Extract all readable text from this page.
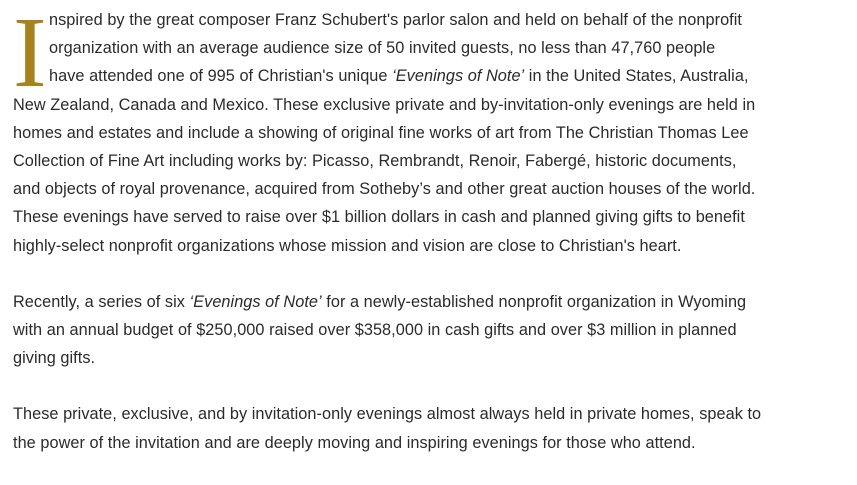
I nspired by the great composer Franz Schubert's parlor salon and held on behalf of the nonprofit
organization with an average audience size of 50 invited guests, no less than 47,760 people
have attended one of 995 of Christian's unique ‘Evenings of Note’ in the United States, Australia,
New Zealand, Canada and Mexico. These exclusive private and by-invitation-only evenings are held in
homes and estates and include a showing of original fine works of art from The Christian Thomas Lee
Collection of Fine Art including works by: Picasso, Rembrandt, Renoir, Fabergé, historic documents,
and objects of royal provenance, acquired from Sotheby’s and other great auction houses of the world.
These evenings have served to raise over $1 billion dollars in cash and planned giving gifts to benefit
highly-select nonprofit organizations whose mission and vision are close to Christian's heart.
Recently, a series of six ‘Evenings of Note’ for a newly-established nonprofit organization in Wyoming
with an annual budget of $250,000 raised over $358,000 in cash gifts and over $3 million in planned
giving gifts.
These private, exclusive, and by invitation-only evenings almost always held in private homes, speak to
the power of the invitation and are deeply moving and inspiring evenings for those who attend.
